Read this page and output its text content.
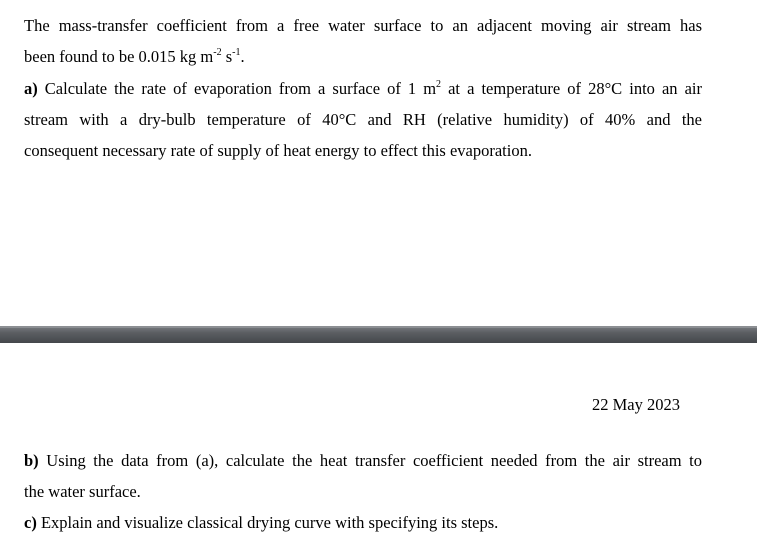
The mass-transfer coefficient from a free water surface to an adjacent moving air stream has
been found to be 0.015 kg $m^{-2}$ $s^{-1}$.
a) Calculate the rate of evaporation from a surface of 1 $m^2$ at a temperature of 28°C into an air
stream with a dry-bulb temperature of 40°C and RH (relative humidity) of 40% and the
consequent necessary rate of supply of heat energy to effect this evaporation.
22 May 2023
b) Using the data from (a), calculate the heat transfer coefficient needed from the air stream to
the water surface.
c) Explain and visualize classical drying curve with specifying its steps.
